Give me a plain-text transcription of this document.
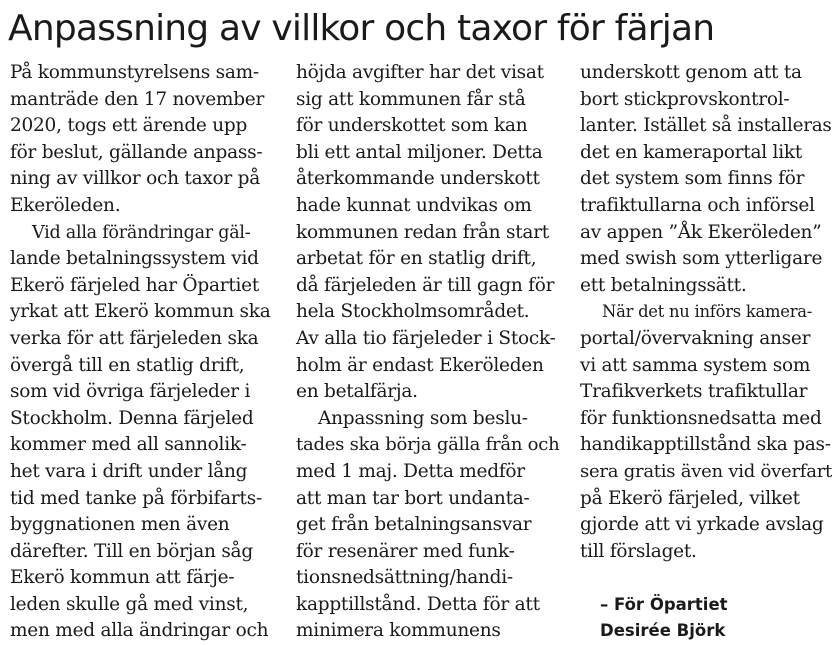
Anpassning av villkor och taxor för färjan
På kommunstyrelsens sam-
manträde den 17 november
2020, togs ett ärende upp
för beslut, gällande anpass-
ning av villkor och taxor på
Ekeröleden.
Vid alla förändringar gäl-
lande betalningssystem vid
Ekerö färjeled har Öpartiet
yrkat att Ekerö kommun ska
verka för att färjeleden ska
övergå till en statlig drift,
som vid övriga färjeleder i
Stockholm. Denna färjeled
kommer med all sannolik-
het vara i drift under lång
tid med tanke på förbifarts-
byggnationen men även
därefter. Till en början såg
Ekerö kommun att färje-
leden skulle gå med vinst,
men med alla ändringar och
höjda avgifter har det visat
sig att kommunen får stå
för underskottet som kan
bli ett antal miljoner. Detta
återkommande underskott
hade kunnat undvikas om
kommunen redan från start
arbetat för en statlig drift,
då färjeleden är till gagn för
hela Stockholmsområdet.
Av alla tio färjeleder i Stock-
holm är endast Ekeröleden
en betalfärja.
Anpassning som beslu-
tades ska börja gälla från och
med 1 maj. Detta medför
att man tar bort undanta-
get från betalningsansvar
för resenärer med funk-
tionsnedsättning/handi-
kapptillstånd. Detta för att
minimera kommunens
underskott genom att ta
bort stickprovskontrol-
lanter. Istället så installeras
det en kameraportal likt
det system som finns för
trafiktullarna och införsel
av appen ”Åk Ekeröleden”
med swish som ytterligare
ett betalningssätt.
När det nu införs kamera-
portal/övervakning anser
vi att samma system som
Trafikverkets trafiktullar
för funktionsnedsatta med
handikapptillstånd ska pas-
sera gratis även vid överfart
på Ekerö färjeled, vilket
gjorde att vi yrkade avslag
till förslaget.
– För Öpartiet
Desirée Björk
